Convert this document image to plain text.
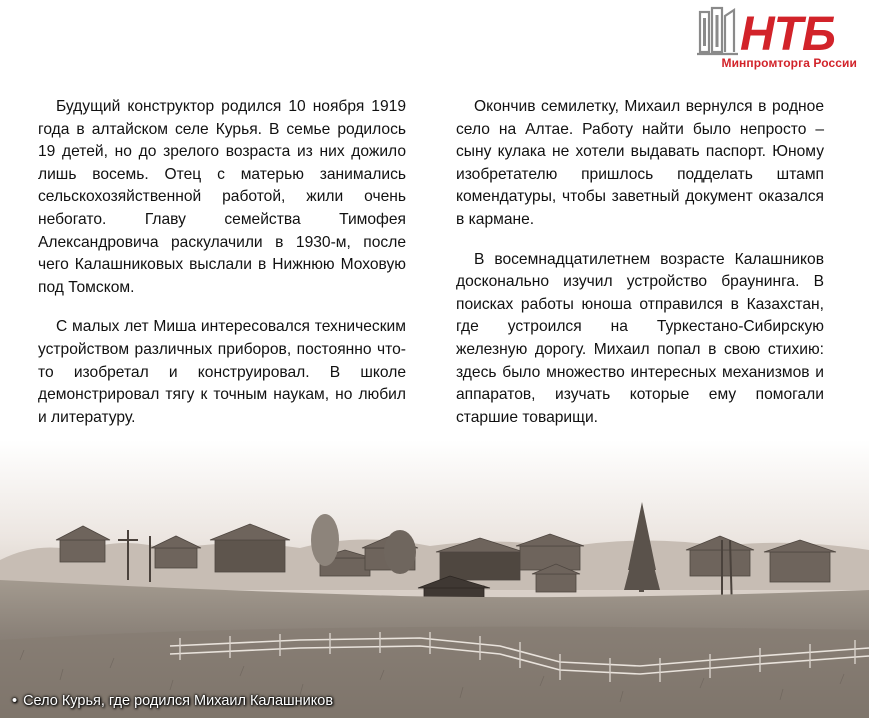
НТБ
Минпромторга России

Будущий конструктор родился 10 ноября 1919 года в алтайском селе Курья. В семье родилось 19 детей, но до зрелого возраста из них дожило лишь восемь. Отец с матерью занимались сельскохозяйственной работой, жили очень небогато. Главу семейства Тимофея Александровича раскулачили в 1930-м, после чего Калашниковых выслали в Нижнюю Моховую под Томском.

С малых лет Миша интересовался техническим устройством различных приборов, постоянно что-то изобретал и конструировал. В школе демонстрировал тягу к точным наукам, но любил и литературу.

Окончив семилетку, Михаил вернулся в родное село на Алтае. Работу найти было непросто – сыну кулака не хотели выдавать паспорт. Юному изобретателю пришлось подделать штамп комендатуры, чтобы заветный документ оказался в кармане.

В восемнадцатилетнем возрасте Калашников досконально изучил устройство браунинга. В поисках работы юноша отправился в Казахстан, где устроился на Туркестано-Сибирскую железную дорогу. Михаил попал в свою стихию: здесь было множество интересных механизмов и аппаратов, изучать которые ему помогали старшие товарищи.

• Село Курья, где родился Михаил Калашников
